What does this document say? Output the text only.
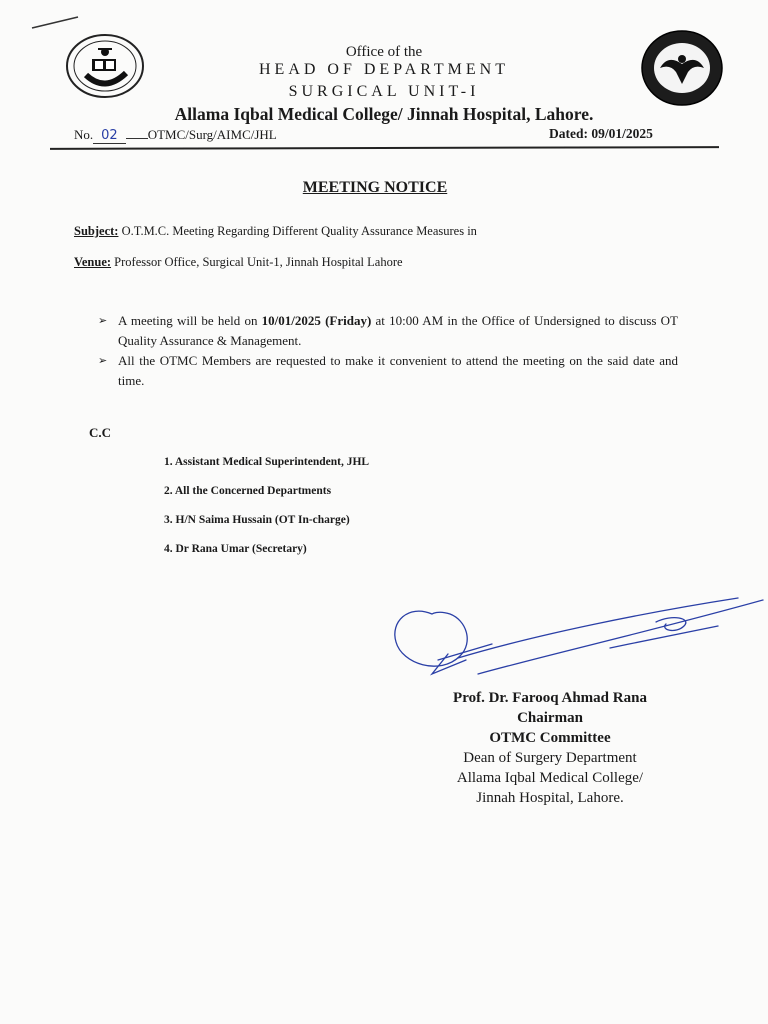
Office of the
HEAD OF DEPARTMENT
SURGICAL UNIT-I
Allama Iqbal Medical College/ Jinnah Hospital, Lahore.
No. 02 OTMC/Surg/AIMC/JHL	Dated: 09/01/2025
MEETING NOTICE
Subject: O.T.M.C. Meeting Regarding Different Quality Assurance Measures in
Venue: Professor Office, Surgical Unit-1, Jinnah Hospital Lahore
➢ A meeting will be held on 10/01/2025 (Friday) at 10:00 AM in the Office of Undersigned to discuss OT Quality Assurance & Management.
➢ All the OTMC Members are requested to make it convenient to attend the meeting on the said date and time.
C.C
1. Assistant Medical Superintendent, JHL
2. All the Concerned Departments
3. H/N Saima Hussain (OT In-charge)
4. Dr Rana Umar (Secretary)
Prof. Dr. Farooq Ahmad Rana
Chairman
OTMC Committee
Dean of Surgery Department
Allama Iqbal Medical College/
Jinnah Hospital, Lahore.
